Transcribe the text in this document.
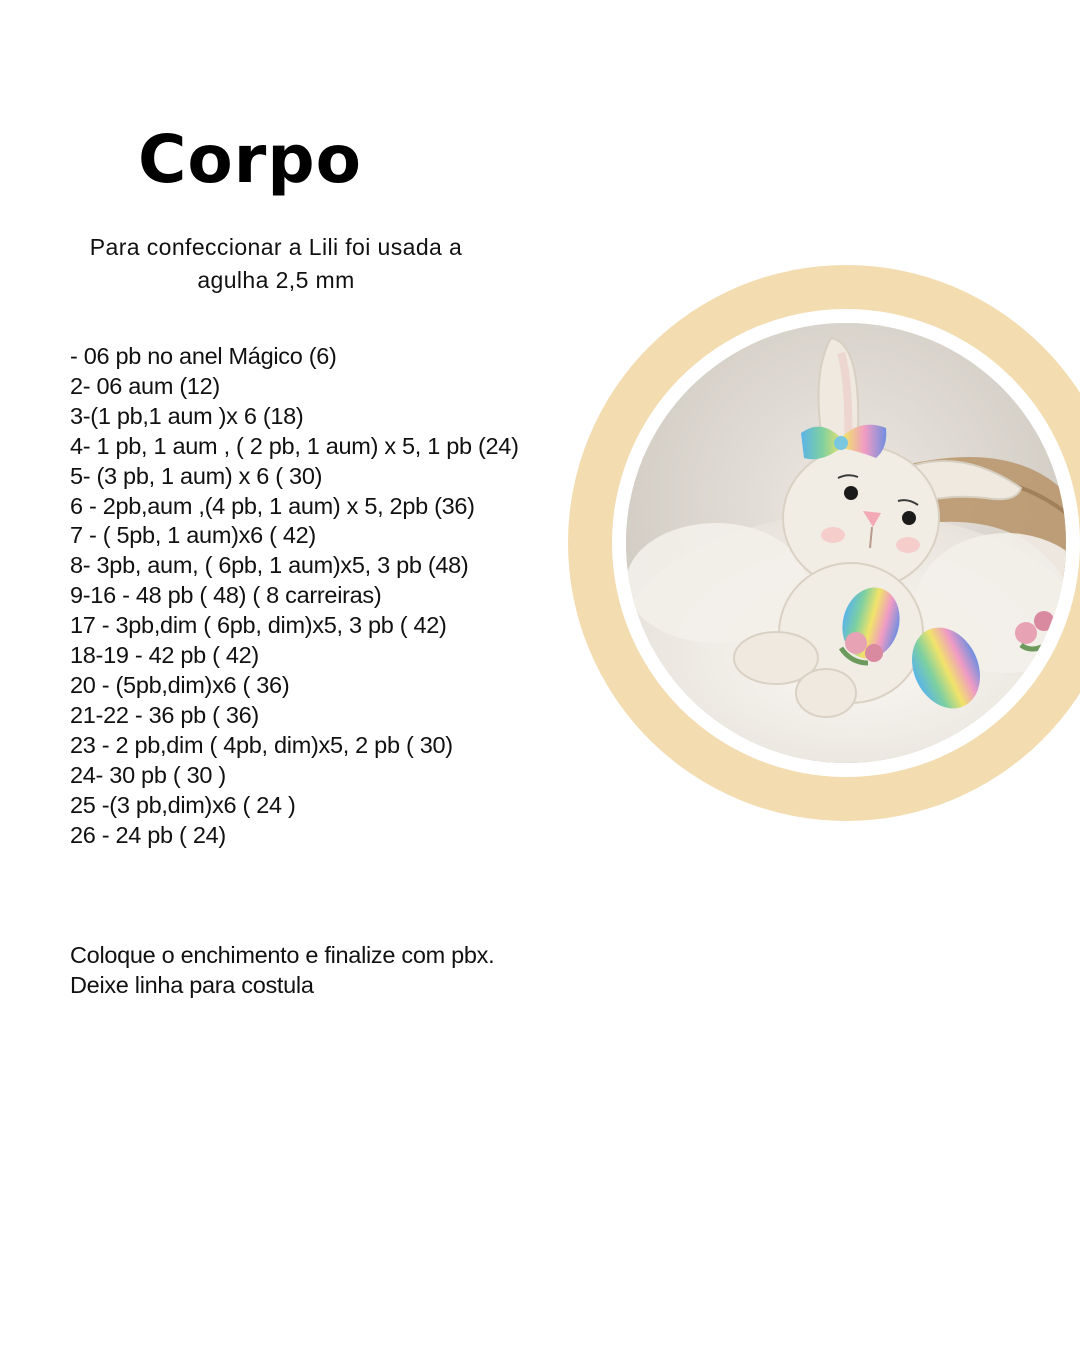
Corpo
Para confeccionar a Lili foi usada a
agulha 2,5 mm
- 06 pb no anel Mágico (6)
2- 06 aum (12)
3-(1 pb,1 aum )x 6 (18)
4- 1 pb, 1 aum , ( 2 pb, 1 aum) x 5, 1 pb (24)
5- (3 pb, 1 aum) x 6 ( 30)
6 - 2pb,aum ,(4 pb, 1 aum) x 5, 2pb (36)
7 - ( 5pb, 1 aum)x6 ( 42)
8- 3pb, aum, ( 6pb, 1 aum)x5, 3 pb (48)
9-16 - 48 pb ( 48) ( 8 carreiras)
17 - 3pb,dim ( 6pb, dim)x5, 3 pb ( 42)
18-19 - 42 pb ( 42)
20 - (5pb,dim)x6 ( 36)
21-22 - 36 pb ( 36)
23 - 2 pb,dim ( 4pb, dim)x5, 2 pb ( 30)
24- 30 pb ( 30 )
25 -(3 pb,dim)x6 ( 24 )
26 - 24 pb ( 24)
Coloque o enchimento e finalize com pbx.
Deixe linha para costula
